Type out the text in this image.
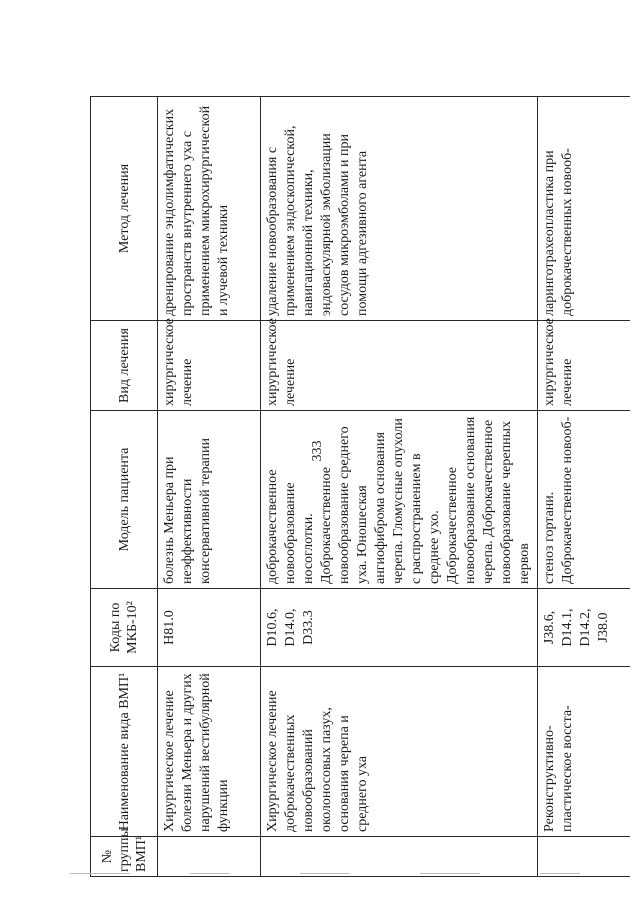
333
№ группы ВМП¹	Наименование вида ВМП¹	Коды по МКБ-10²	Модель пациента	Вид лечения	Метод лечения
	Хирургическое лечение болезни Меньера и других нарушений вестибулярной функции	H81.0	болезнь Меньера при неэффективности консервативной терапии	хирургическое лечение	дренирование эндолимфатических пространств внутреннего уха с применением микрохирургической и лучевой техники
	Хирургическое лечение доброкачественных новообразований околоносовых пазух, основания черепа и среднего уха	D10.6, D14.0, D33.3	доброкачественное новообразование носоглотки. Доброкачественное новообразование среднего уха. Юношеская ангиофиброма основания черепа. Гломусные опухоли с распространением в среднее ухо. Доброкачественное новообразование основания черепа. Доброкачественное новообразование черепных нервов	хирургическое лечение	удаление новообразования с применением эндоскопической, навигационной техники, эндоваскулярной эмболизации сосудов микроэмболами и при помощи адгезивного агента
	Реконструктивно-пластическое восста-	J38.6, D14.1, D14.2, J38.0	стеноз гортани. Доброкачественное новооб-	хирургическое лечение	ларинготрахеопластика при доброкачественных новооб-
